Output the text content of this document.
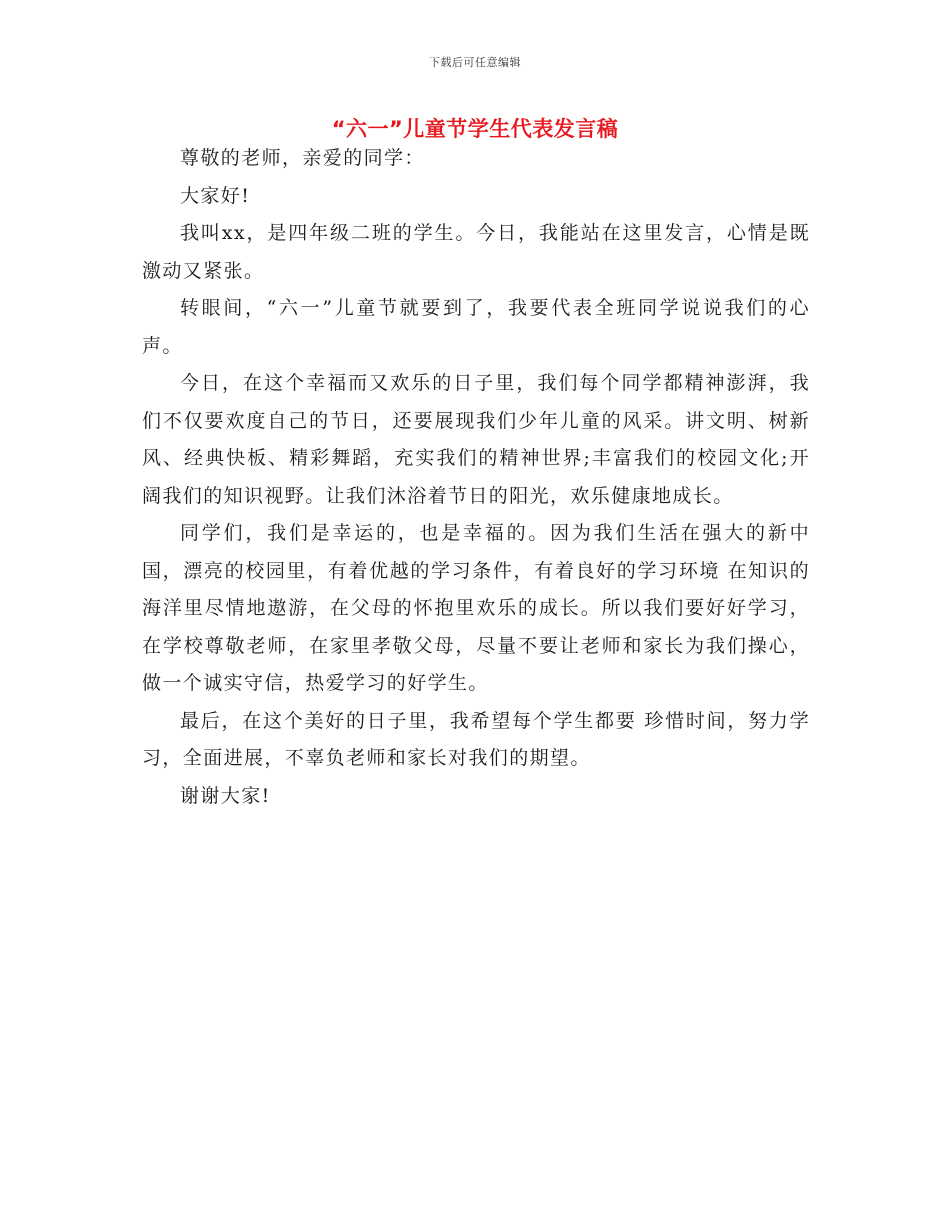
下载后可任意编辑
“六一”儿童节学生代表发言稿

尊敬的老师，亲爱的同学：

大家好!

我叫xx，是四年级二班的学生。今日，我能站在这里发言，心情是既激动又紧张。

转眼间，“六一”儿童节就要到了，我要代表全班同学说说我们的心声。

今日，在这个幸福而又欢乐的日子里，我们每个同学都精神澎湃，我们不仅要欢度自己的节日，还要展现我们少年儿童的风采。讲文明、树新风、经典快板、精彩舞蹈，充实我们的精神世界;丰富我们的校园文化;开阔我们的知识视野。让我们沐浴着节日的阳光，欢乐健康地成长。

同学们，我们是幸运的，也是幸福的。因为我们生活在强大的新中国，漂亮的校园里，有着优越的学习条件，有着良好的学习环境 在知识的海洋里尽情地遨游，在父母的怀抱里欢乐的成长。所以我们要好好学习，在学校尊敬老师，在家里孝敬父母，尽量不要让老师和家长为我们操心，做一个诚实守信，热爱学习的好学生。

最后，在这个美好的日子里，我希望每个学生都要 珍惜时间，努力学习，全面进展，不辜负老师和家长对我们的期望。

谢谢大家!
